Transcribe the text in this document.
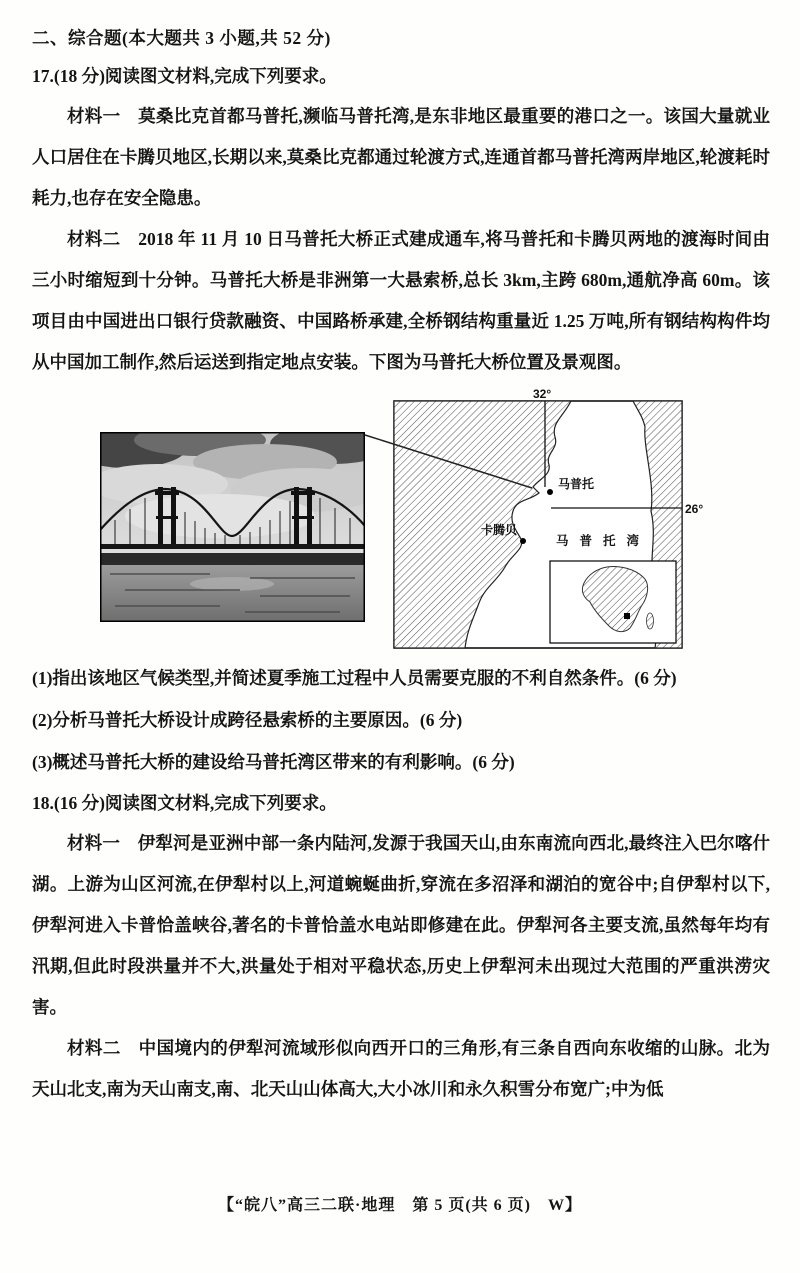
二、综合题(本大题共 3 小题,共 52 分)
17.(18 分)阅读图文材料,完成下列要求。

材料一　莫桑比克首都马普托,濒临马普托湾,是东非地区最重要的港口之一。该国大量就业人口居住在卡腾贝地区,长期以来,莫桑比克都通过轮渡方式,连通首都马普托湾两岸地区,轮渡耗时耗力,也存在安全隐患。

材料二　2018 年 11 月 10 日马普托大桥正式建成通车,将马普托和卡腾贝两地的渡海时间由三小时缩短到十分钟。马普托大桥是非洲第一大悬索桥,总长 3km,主跨 680m,通航净高 60m。该项目由中国进出口银行贷款融资、中国路桥承建,全桥钢结构重量近 1.25 万吨,所有钢结构构件均从中国加工制作,然后运送到指定地点安装。下图为马普托大桥位置及景观图。

32°
26°
马普托
卡腾贝
马普托湾
(1)指出该地区气候类型,并简述夏季施工过程中人员需要克服的不利自然条件。(6 分)
(2)分析马普托大桥设计成跨径悬索桥的主要原因。(6 分)
(3)概述马普托大桥的建设给马普托湾区带来的有利影响。(6 分)
18.(16 分)阅读图文材料,完成下列要求。

材料一　伊犁河是亚洲中部一条内陆河,发源于我国天山,由东南流向西北,最终注入巴尔喀什湖。上游为山区河流,在伊犁村以上,河道蜿蜒曲折,穿流在多沼泽和湖泊的宽谷中;自伊犁村以下,伊犁河进入卡普恰盖峡谷,著名的卡普恰盖水电站即修建在此。伊犁河各主要支流,虽然每年均有汛期,但此时段洪量并不大,洪量处于相对平稳状态,历史上伊犁河未出现过大范围的严重洪涝灾害。

材料二　中国境内的伊犁河流域形似向西开口的三角形,有三条自西向东收缩的山脉。北为天山北支,南为天山南支,南、北天山山体高大,大小冰川和永久积雪分布宽广;中为低

【“皖八”高三二联·地理　第 5 页(共 6 页)　W】
